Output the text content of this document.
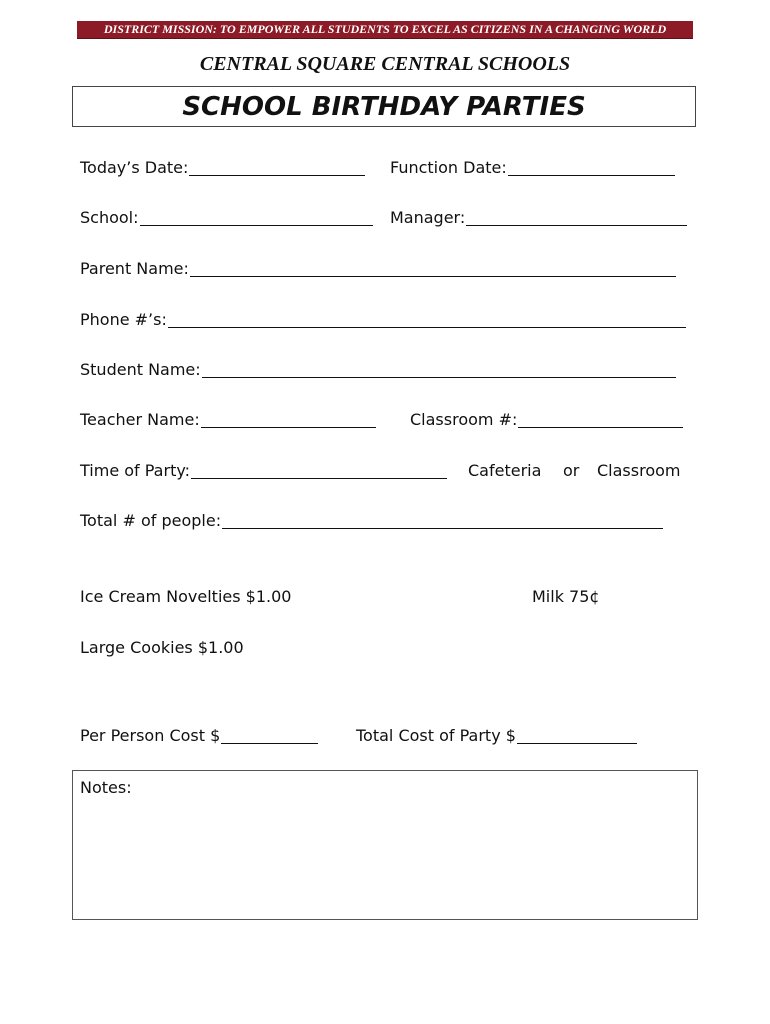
DISTRICT MISSION: TO EMPOWER ALL STUDENTS TO EXCEL AS CITIZENS IN A CHANGING WORLD
CENTRAL SQUARE CENTRAL SCHOOLS
SCHOOL BIRTHDAY PARTIES
Today’s Date:	Function Date:
School:	Manager:
Parent Name:
Phone #’s:
Student Name:
Teacher Name:	Classroom #:
Time of Party:	Cafeteria or Classroom
Total # of people:
Ice Cream Novelties $1.00	Milk 75¢
Large Cookies $1.00
Per Person Cost $	Total Cost of Party $
Notes:
